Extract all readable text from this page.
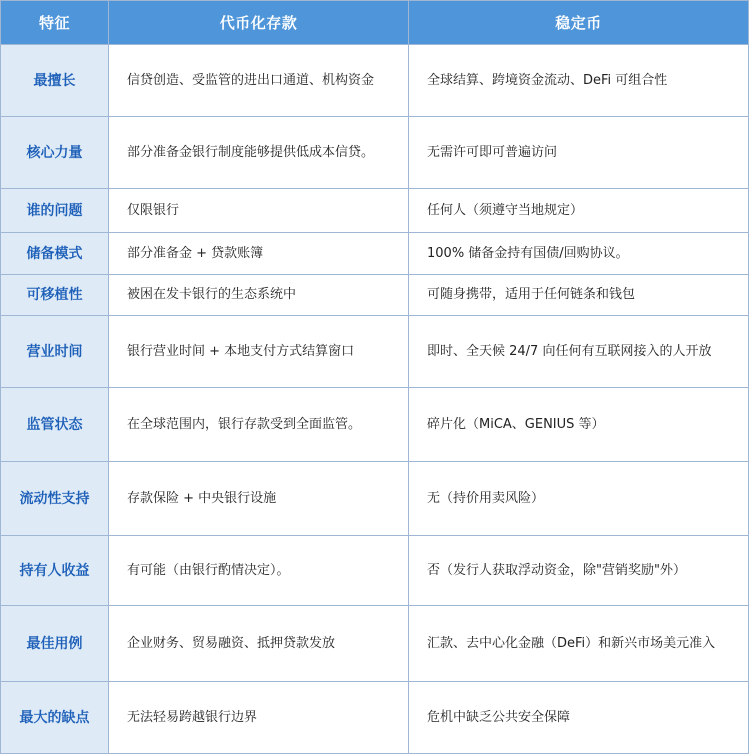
特征	代币化存款	稳定币
最擅长	信贷创造、受监管的进出口通道、机构资金	全球结算、跨境资金流动、DeFi 可组合性
核心力量	部分准备金银行制度能够提供低成本信贷。	无需许可即可普遍访问
谁的问题	仅限银行	任何人（须遵守当地规定）
储备模式	部分准备金 + 贷款账簿	100% 储备金持有国债/回购协议。
可移植性	被困在发卡银行的生态系统中	可随身携带，适用于任何链条和钱包
营业时间	银行营业时间 + 本地支付方式结算窗口	即时、全天候 24/7 向任何有互联网接入的人开放
监管状态	在全球范围内，银行存款受到全面监管。	碎片化（MiCA、GENIUS 等）
流动性支持	存款保险 + 中央银行设施	无（持价用卖风险）
持有人收益	有可能（由银行酌情决定）。	否（发行人获取浮动资金，除"营销奖励"外）
最佳用例	企业财务、贸易融资、抵押贷款发放	汇款、去中心化金融（DeFi）和新兴市场美元准入
最大的缺点	无法轻易跨越银行边界	危机中缺乏公共安全保障
